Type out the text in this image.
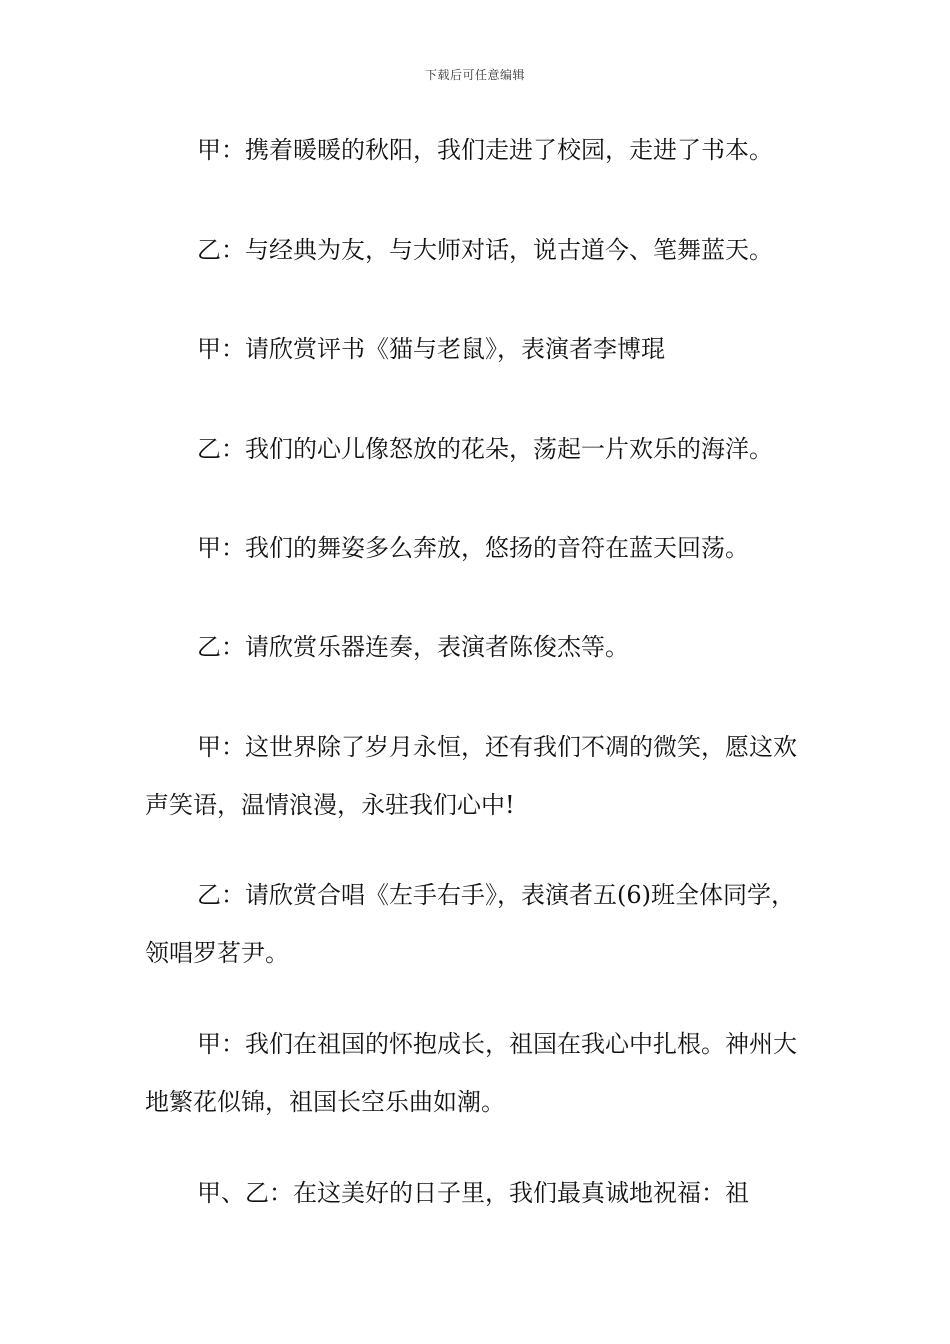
下载后可任意编辑

甲：携着暖暖的秋阳，我们走进了校园，走进了书本。

乙：与经典为友，与大师对话，说古道今、笔舞蓝天。

甲：请欣赏评书《猫与老鼠》，表演者李博琨

乙：我们的心儿像怒放的花朵，荡起一片欢乐的海洋。

甲：我们的舞姿多么奔放，悠扬的音符在蓝天回荡。

乙：请欣赏乐器连奏，表演者陈俊杰等。

甲：这世界除了岁月永恒，还有我们不凋的微笑，愿这欢声笑语，温情浪漫，永驻我们心中!

乙：请欣赏合唱《左手右手》，表演者五(6)班全体同学，领唱罗茗尹。

甲：我们在祖国的怀抱成长，祖国在我心中扎根。神州大地繁花似锦，祖国长空乐曲如潮。

甲、乙：在这美好的日子里，我们最真诚地祝福：祖
